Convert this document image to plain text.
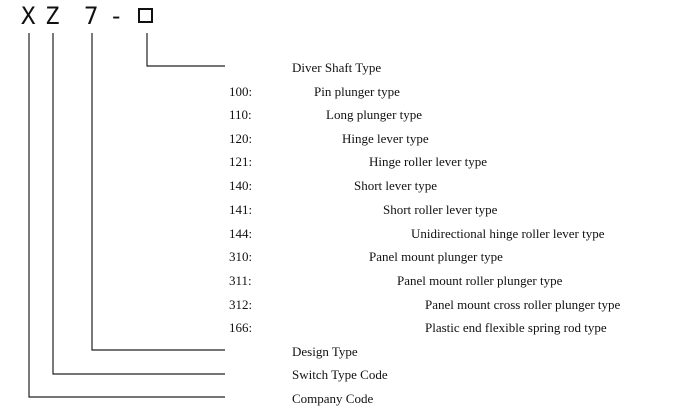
X Z 7 -
Diver Shaft Type
Design Type
Switch Type Code
Company Code
100:	Pin plunger type
110:	Long plunger type
120:	Hinge lever type
121:	Hinge roller lever type
140:	Short lever type
141:	Short roller lever type
144:	Unidirectional hinge roller lever type
310:	Panel mount plunger type
311:	Panel mount roller plunger type
312:	Panel mount cross roller plunger type
166:	Plastic end flexible spring rod type
